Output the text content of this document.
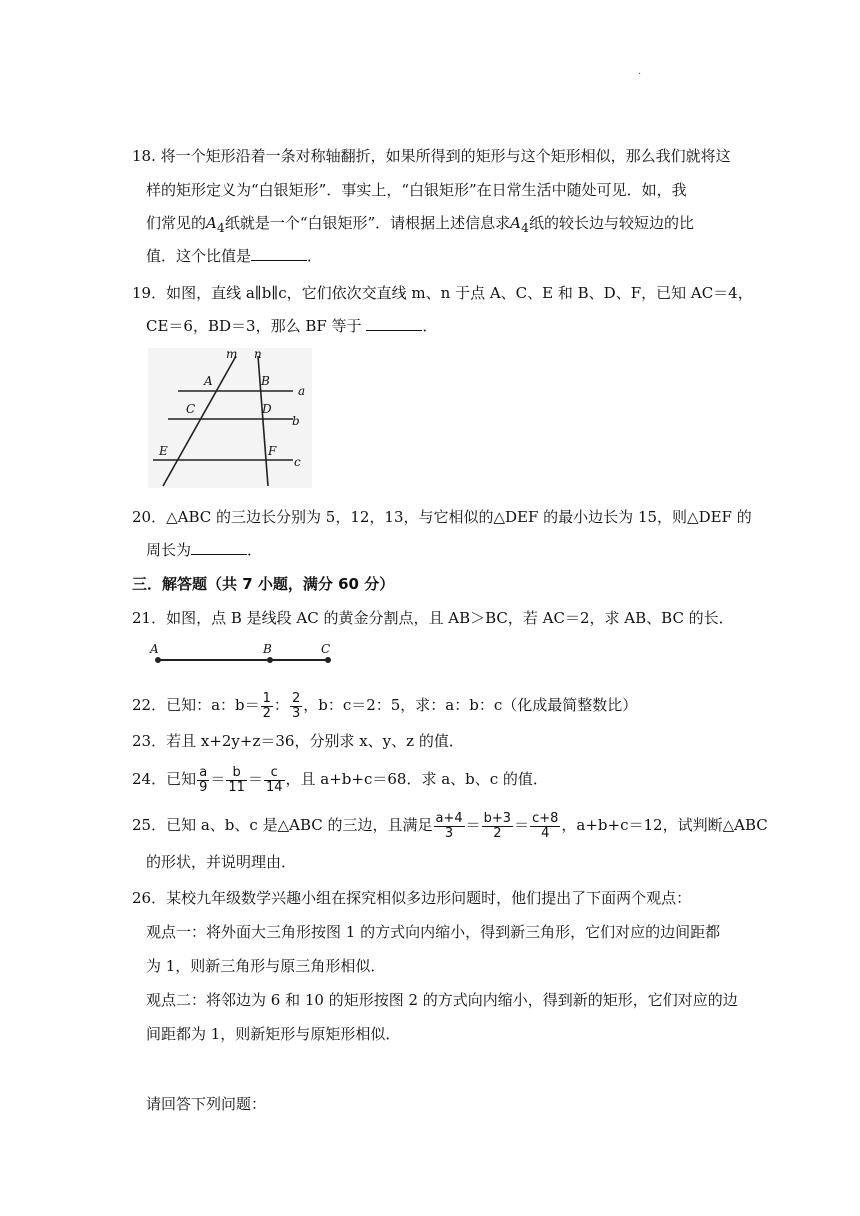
.
18. 将一个矩形沿着一条对称轴翻折，如果所得到的矩形与这个矩形相似，那么我们就将这
样的矩形定义为“白银矩形”．事实上，“白银矩形”在日常生活中随处可见．如，我
们常见的$A_4$纸就是一个“白银矩形”．请根据上述信息求$A_4$纸的较长边与较短边的比
值．这个比值是	．
19．如图，直线 a∥b∥c，它们依次交直线 m、n 于点 A、C、E 和 B、D、F，已知 AC＝4，
CE＝6，BD＝3，那么 BF 等于	．
m n
A	B
a
C	D
b
E	F
c
20．△ABC 的三边长分别为 5，12，13，与它相似的△DEF 的最小边长为 15，则△DEF 的
周长为	．
三．解答题（共 7 小题，满分 60 分）
21．如图，点 B 是线段 AC 的黄金分割点，且 AB＞BC，若 AC＝2，求 AB、BC 的长．
A	B	C
22．已知：a：$b= \frac{1}{2}$ ： $\frac{2}{3}$ ，b：c＝2：5，求：a：b：c（化成最简整数比）
23．若且 x+2y+z＝36，分别求 x、y、z 的值．
24．已知 $\frac{a}{9} = \frac{b}{11} = \frac{c}{14}$ ，且 a+b+c＝68．求 a、b、c 的值．
25．已知 a、b、c 是△ABC 的三边，且满足 $\frac{a+4}{3} = \frac{b+3}{2} = \frac{c+8}{4}$ ，a+b+c＝12，试判断△ABC
的形状，并说明理由．
26．某校九年级数学兴趣小组在探究相似多边形问题时，他们提出了下面两个观点：
观点一：将外面大三角形按图 1 的方式向内缩小，得到新三角形，它们对应的边间距都
为 1，则新三角形与原三角形相似．
观点二：将邻边为 6 和 10 的矩形按图 2 的方式向内缩小，得到新的矩形，它们对应的边
间距都为 1，则新矩形与原矩形相似．
请回答下列问题：
